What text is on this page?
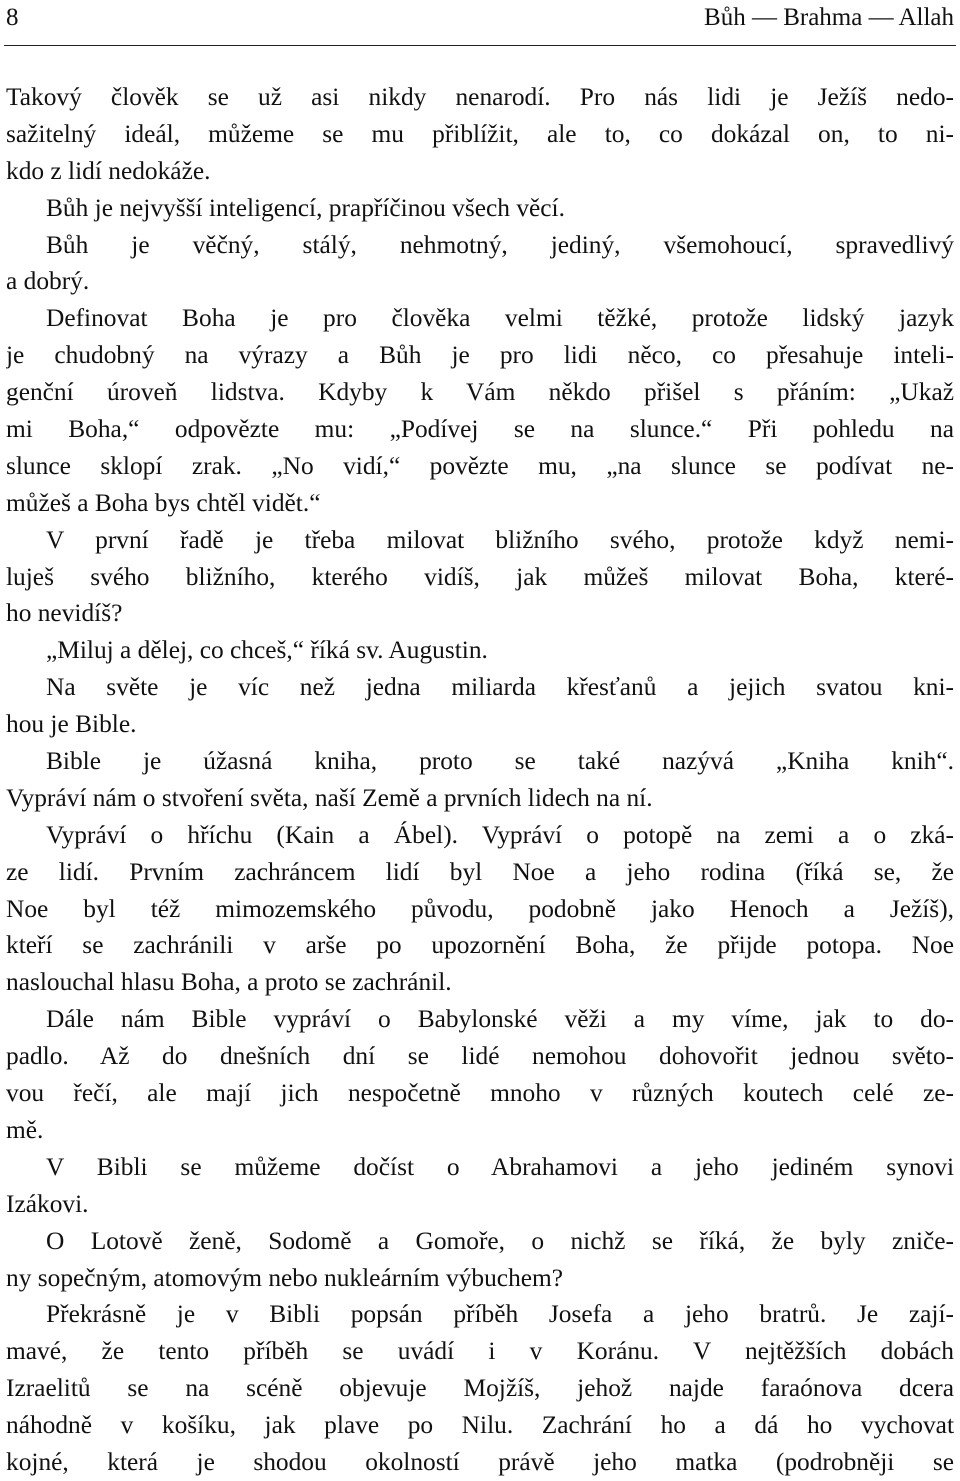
8	Bůh — Brahma — Allah
Takový člověk se už asi nikdy nenarodí. Pro nás lidi je Ježíš nedo-
sažitelný ideál, můžeme se mu přiblížit, ale to, co dokázal on, to ni-
kdo z lidí nedokáže.
Bůh je nejvyšší inteligencí, prapříčinou všech věcí.
Bůh je věčný, stálý, nehmotný, jediný, všemohoucí, spravedlivý
a dobrý.
Definovat Boha je pro člověka velmi těžké, protože lidský jazyk
je chudobný na výrazy a Bůh je pro lidi něco, co přesahuje inteli-
genční úroveň lidstva. Kdyby k Vám někdo přišel s přáním: „Ukaž
mi Boha,“ odpovězte mu: „Podívej se na slunce.“ Při pohledu na
slunce sklopí zrak. „No vidí,“ povězte mu, „na slunce se podívat ne-
můžeš a Boha bys chtěl vidět.“
V první řadě je třeba milovat bližního svého, protože když nemi-
luješ svého bližního, kterého vidíš, jak můžeš milovat Boha, které-
ho nevidíš?
„Miluj a dělej, co chceš,“ říká sv. Augustin.
Na světe je víc než jedna miliarda křesťanů a jejich svatou kni-
hou je Bible.
Bible je úžasná kniha, proto se také nazývá „Kniha knih“.
Vypráví nám o stvoření světa, naší Země a prvních lidech na ní.
Vypráví o hříchu (Kain a Ábel). Vypráví o potopě na zemi a o zká-
ze lidí. Prvním zachráncem lidí byl Noe a jeho rodina (říká se, že
Noe byl též mimozemského původu, podobně jako Henoch a Ježíš),
kteří se zachránili v arše po upozornění Boha, že přijde potopa. Noe
naslouchal hlasu Boha, a proto se zachránil.
Dále nám Bible vypráví o Babylonské věži a my víme, jak to do-
padlo. Až do dnešních dní se lidé nemohou dohovořit jednou světo-
vou řečí, ale mají jich nespočetně mnoho v různých koutech celé ze-
mě.
V Bibli se můžeme dočíst o Abrahamovi a jeho jediném synovi
Izákovi.
O Lotově ženě, Sodomě a Gomoře, o nichž se říká, že byly zniče-
ny sopečným, atomovým nebo nukleárním výbuchem?
Překrásně je v Bibli popsán příběh Josefa a jeho bratrů. Je zají-
mavé, že tento příběh se uvádí i v Koránu. V nejtěžších dobách
Izraelitů se na scéně objevuje Mojžíš, jehož najde faraónova dcera
náhodně v košíku, jak plave po Nilu. Zachrání ho a dá ho vychovat
kojné, která je shodou okolností právě jeho matka (podrobněji se
